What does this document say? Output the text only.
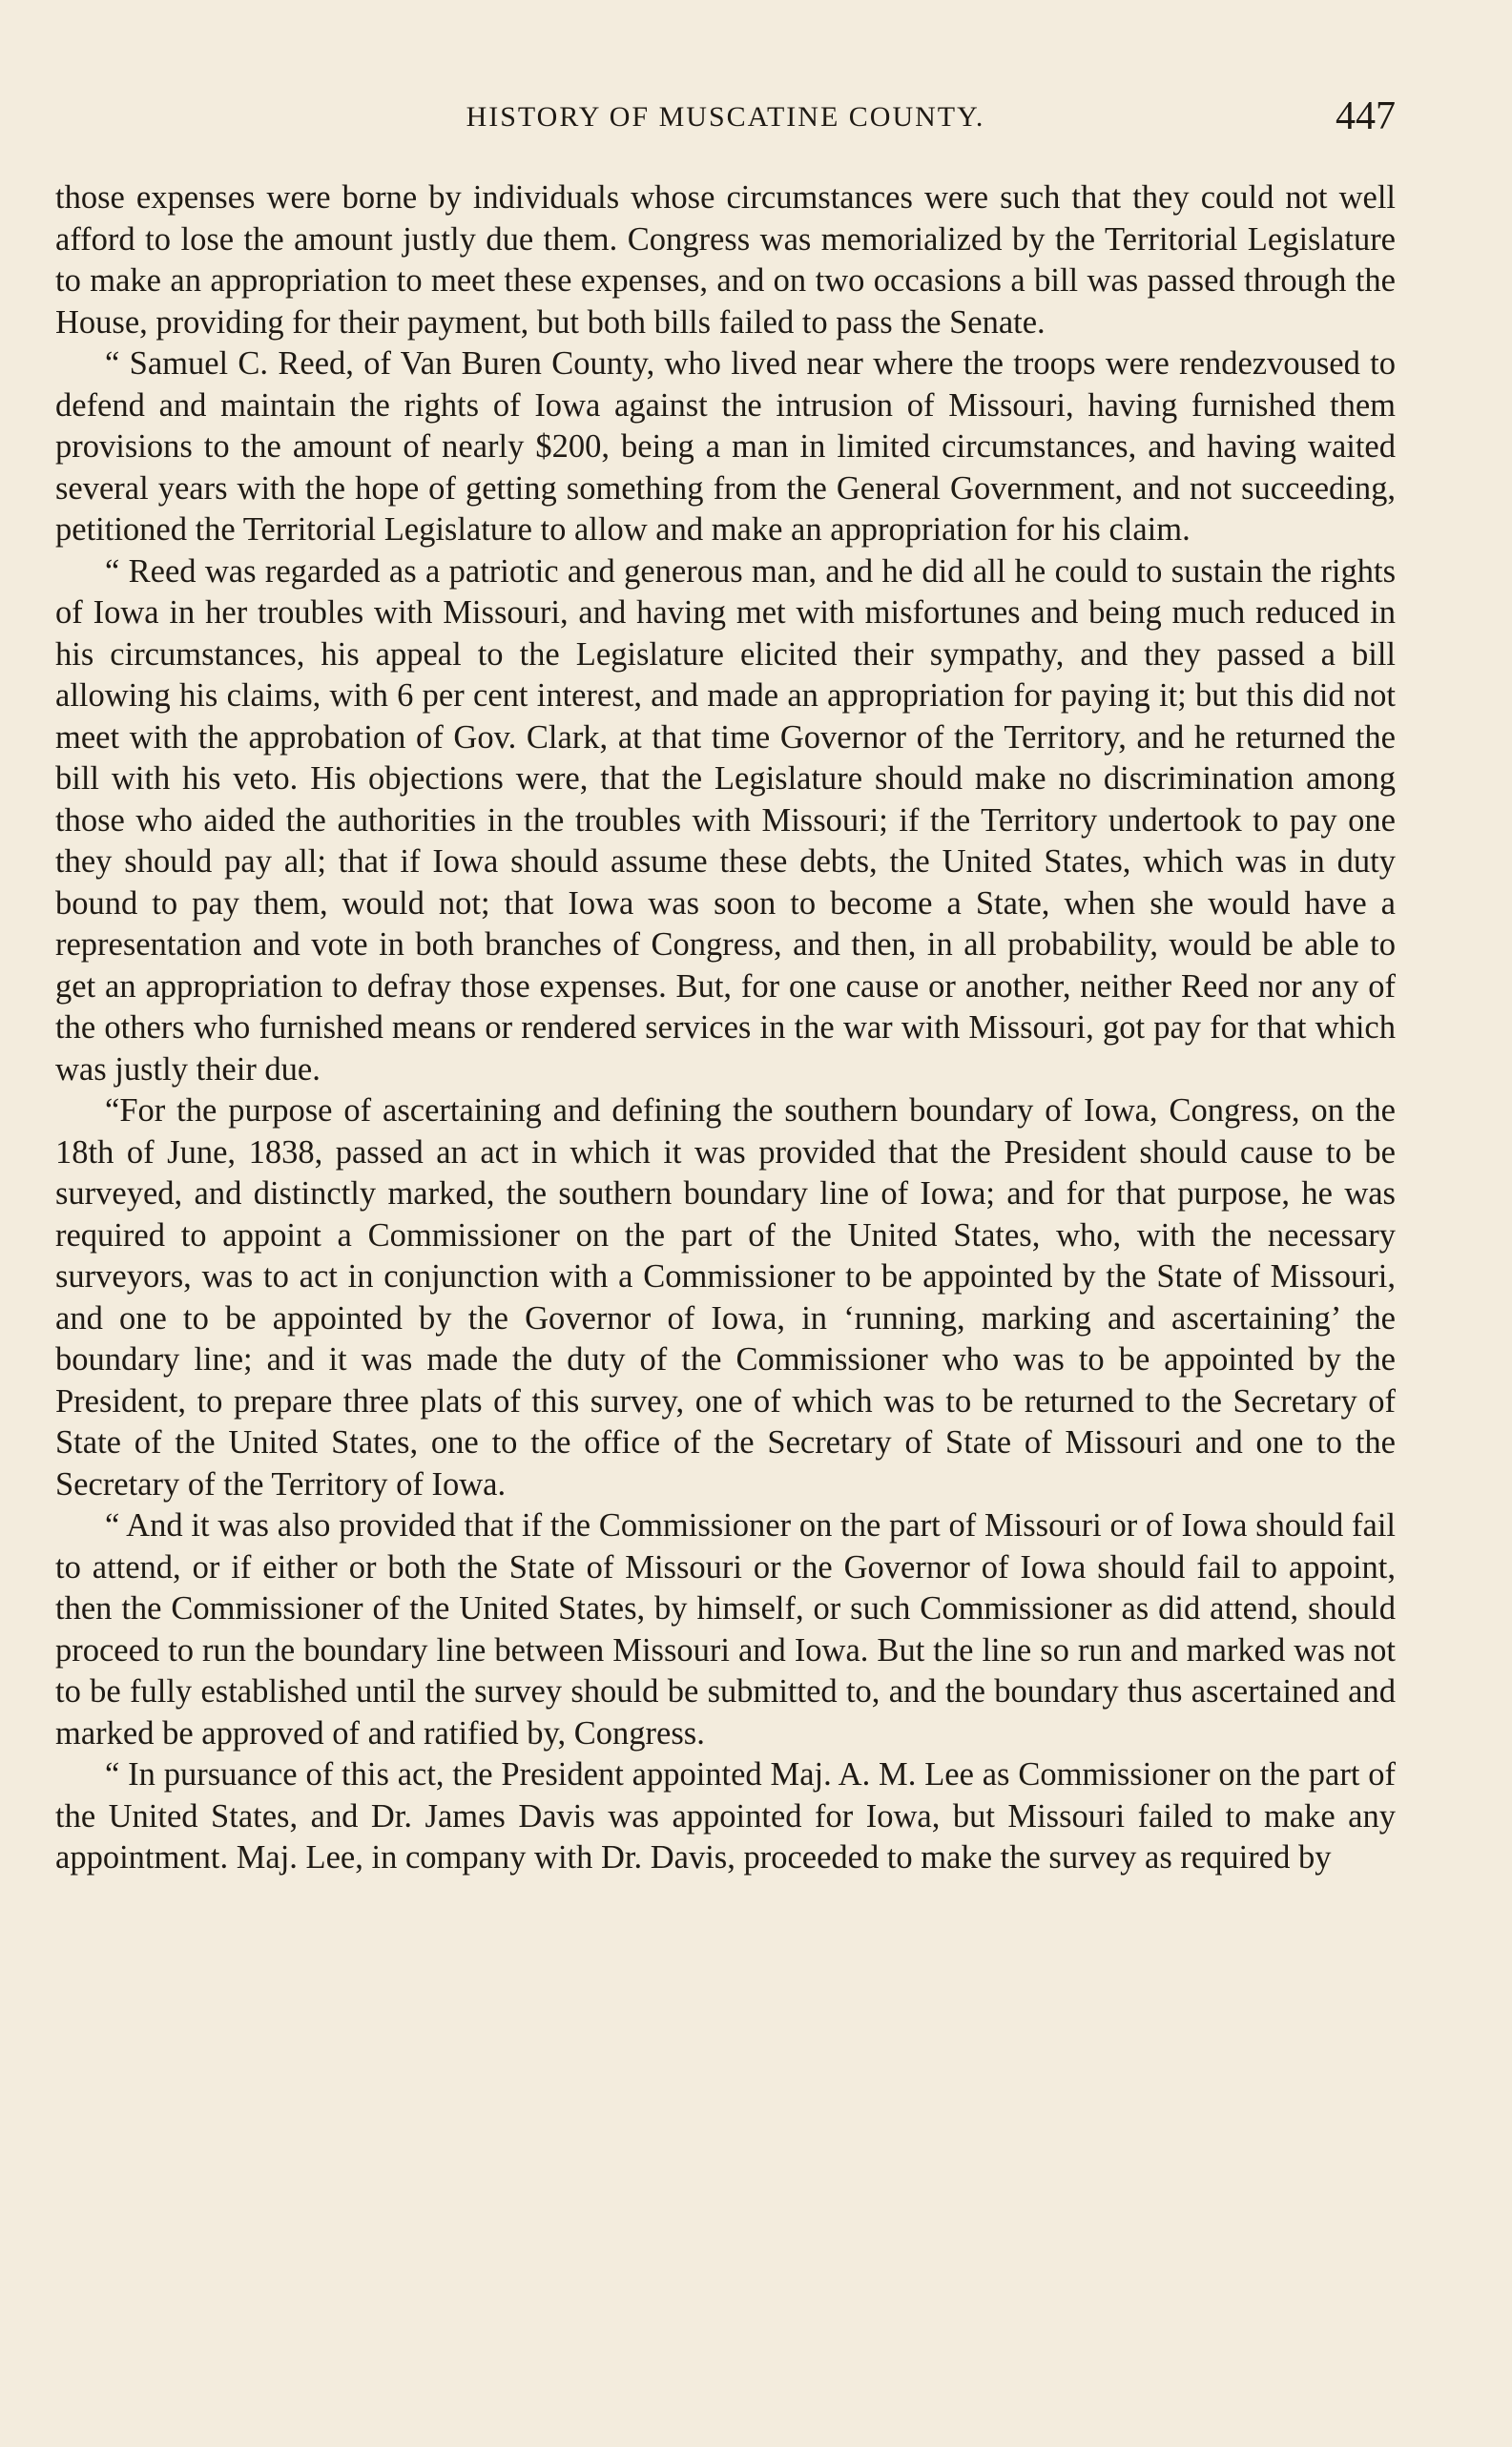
HISTORY OF MUSCATINE COUNTY.	447

those expenses were borne by individuals whose circumstances were such that they could not well afford to lose the amount justly due them. Congress was memorialized by the Territorial Legislature to make an appropriation to meet these expenses, and on two occasions a bill was passed through the House, providing for their payment, but both bills failed to pass the Senate.

“ Samuel C. Reed, of Van Buren County, who lived near where the troops were rendezvoused to defend and maintain the rights of Iowa against the intrusion of Missouri, having furnished them provisions to the amount of nearly $200, being a man in limited circumstances, and having waited several years with the hope of getting something from the General Government, and not succeeding, petitioned the Territorial Legislature to allow and make an appropriation for his claim.

“ Reed was regarded as a patriotic and generous man, and he did all he could to sustain the rights of Iowa in her troubles with Missouri, and having met with misfortunes and being much reduced in his circumstances, his appeal to the Legislature elicited their sympathy, and they passed a bill allowing his claims, with 6 per cent interest, and made an appropriation for paying it; but this did not meet with the approbation of Gov. Clark, at that time Governor of the Territory, and he returned the bill with his veto. His objections were, that the Legislature should make no discrimination among those who aided the authorities in the troubles with Missouri; if the Territory undertook to pay one they should pay all; that if Iowa should assume these debts, the United States, which was in duty bound to pay them, would not; that Iowa was soon to become a State, when she would have a representation and vote in both branches of Congress, and then, in all probability, would be able to get an appropriation to defray those expenses. But, for one cause or another, neither Reed nor any of the others who furnished means or rendered services in the war with Missouri, got pay for that which was justly their due.

“For the purpose of ascertaining and defining the southern boundary of Iowa, Congress, on the 18th of June, 1838, passed an act in which it was provided that the President should cause to be surveyed, and distinctly marked, the southern boundary line of Iowa; and for that purpose, he was required to appoint a Commissioner on the part of the United States, who, with the necessary surveyors, was to act in conjunction with a Commissioner to be appointed by the State of Missouri, and one to be appointed by the Governor of Iowa, in ‘running, marking and ascertaining’ the boundary line; and it was made the duty of the Commissioner who was to be appointed by the President, to prepare three plats of this survey, one of which was to be returned to the Secretary of State of the United States, one to the office of the Secretary of State of Missouri and one to the Secretary of the Territory of Iowa.

“ And it was also provided that if the Commissioner on the part of Missouri or of Iowa should fail to attend, or if either or both the State of Missouri or the Governor of Iowa should fail to appoint, then the Commissioner of the United States, by himself, or such Commissioner as did attend, should proceed to run the boundary line between Missouri and Iowa. But the line so run and marked was not to be fully established until the survey should be submitted to, and the boundary thus ascertained and marked be approved of and ratified by, Congress.

“ In pursuance of this act, the President appointed Maj. A. M. Lee as Commissioner on the part of the United States, and Dr. James Davis was appointed for Iowa, but Missouri failed to make any appointment. Maj. Lee, in company with Dr. Davis, proceeded to make the survey as required by
